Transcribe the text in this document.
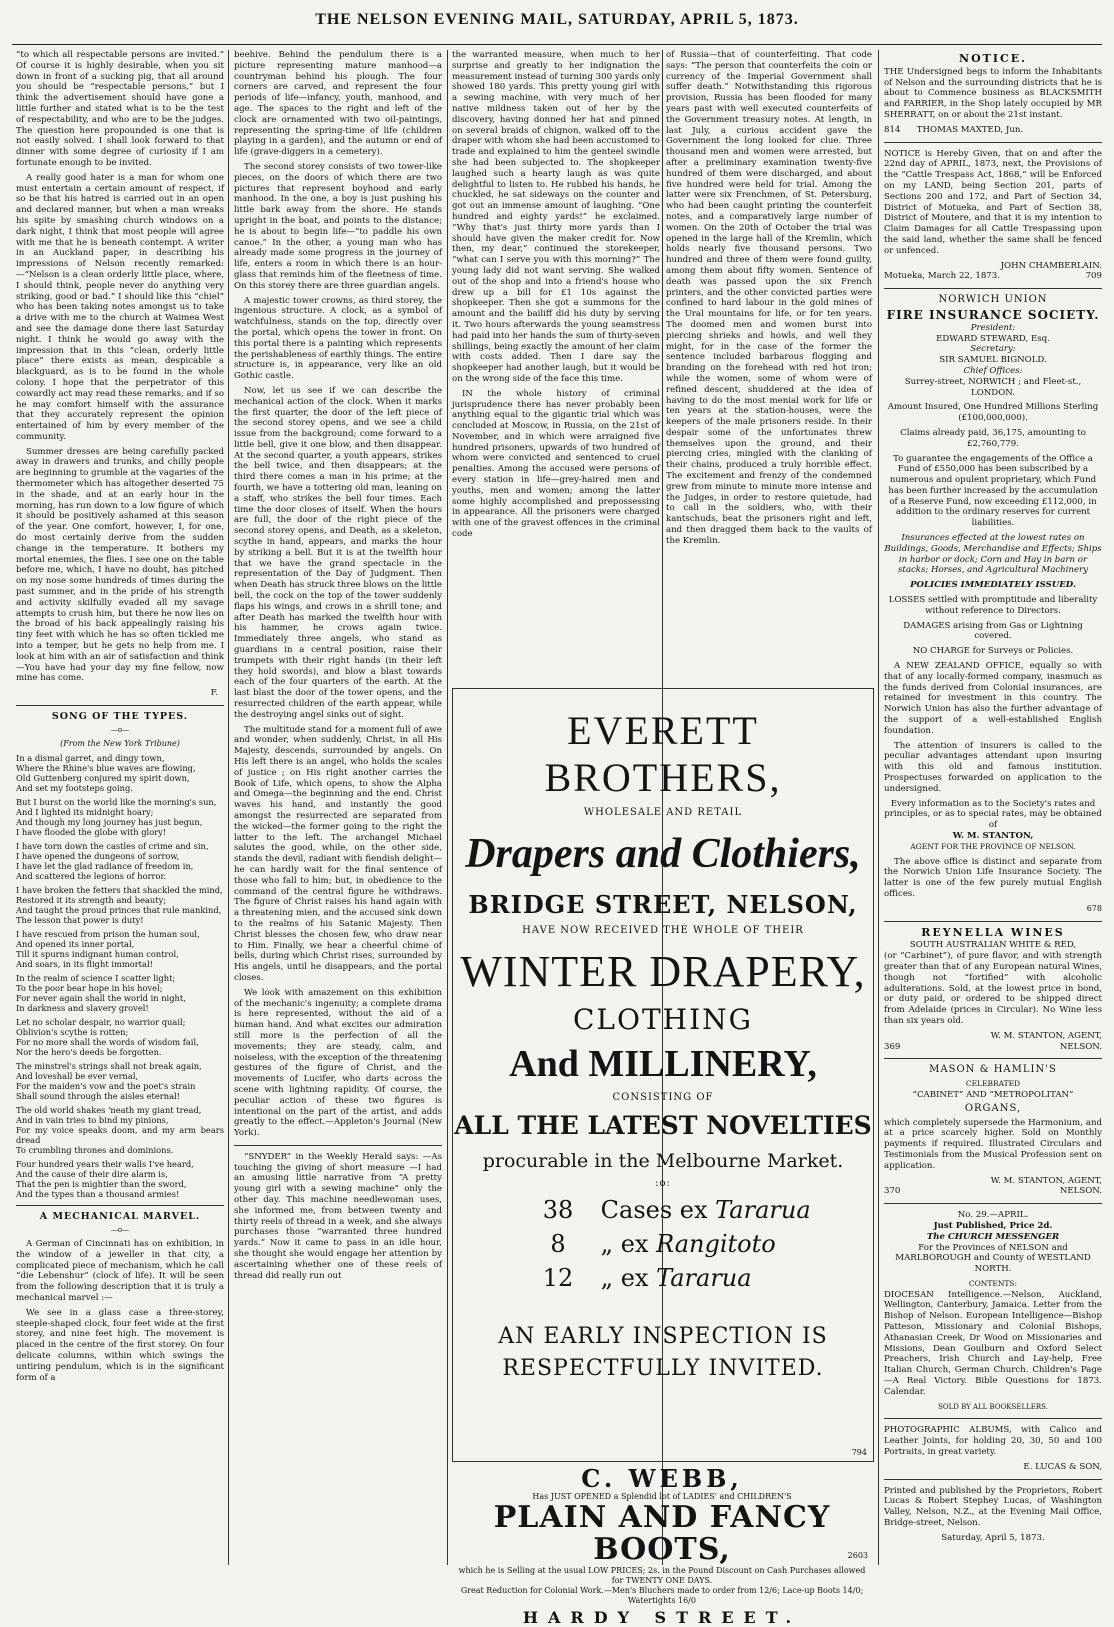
THE NELSON EVENING MAIL, SATURDAY, APRIL 5, 1873.

“to which all respectable persons are invited.” Of course it is highly desirable, when you sit down in front of a sucking pig, that all around you should be “respectable persons,” but I think the advertisement should have gone a little further and stated what is to be the test of respectability, and who are to be the judges. The question here propounded is one that is not easily solved. I shall look forward to that dinner with some degree of curiosity if I am fortunate enough to be invited.

A really good hater is a man for whom one must entertain a certain amount of respect, if so be that his hatred is carried out in an open and declared manner, but when a man wreaks his spite by smashing church windows on a dark night, I think that most people will agree with me that he is beneath contempt. A writer in an Auckland paper, in describing his impressions of Nelson recently remarked:—“Nelson is a clean orderly little place, where, I should think, people never do anything very striking, good or bad.” I should like this “chiel” who has been taking notes amongst us to take a drive with me to the church at Waimea West and see the damage done there last Saturday night. I think he would go away with the impression that in this “clean, orderly little place” there exists as mean, despicable a blackguard, as is to be found in the whole colony. I hope that the perpetrator of this cowardly act may read these remarks, and if so he may comfort himself with the assurance that they accurately represent the opinion entertained of him by every member of the community.

Summer dresses are being carefully packed away in drawers and trunks, and chilly people are beginning to grumble at the vagaries of the thermometer which has altogether deserted 75 in the shade, and at an early hour in the morning, has run down to a low figure of which it should be positively ashamed at this season of the year. One comfort, however, I, for one, do most certainly derive from the sudden change in the temperature. It bothers my mortal enemies, the flies. I see one on the table before me, which, I have no doubt, has pitched on my nose some hundreds of times during the past summer, and in the pride of his strength and activity skilfully evaded all my savage attempts to crush him, but there he now lies on the broad of his back appealingly raising his tiny feet with which he has so often tickled me into a temper, but he gets no help from me. I look at him with an air of satisfaction and think—You have had your day my fine fellow, now mine has come.

F.
SONG OF THE TYPES.
—o—
(From the New York Tribune)
In a dismal garret, and dingy town,
Where the Rhine's blue waves are flowing,
Old Guttenberg conjured my spirit down,
And set my footsteps going.
But I burst on the world like the morning's sun,
And I lighted its midnight hoary;
And though my long journey has just begun,
I have flooded the globe with glory!
I have torn down the castles of crime and sin,
I have opened the dungeons of sorrow,
I have let the glad radiance of freedom in,
And scattered the legions of horror.
I have broken the fetters that shackled the mind,
Restored it its strength and beauty;
And taught the proud princes that rule mankind,
The lesson that power is duty!
I have rescued from prison the human soul,
And opened its inner portal,
Till it spurns indignant human control,
And soars, in its flight immortal!
In the realm of science I scatter light;
To the poor bear hope in his hovel;
For never again shall the world in night,
In darkness and slavery grovel!
Let no scholar despair, no warrior quail;
Oblivion's scythe is rotten;
For no more shall the words of wisdom fail,
Nor the hero's deeds be forgotten.
The minstrel's strings shall not break again,
And loveshall be ever vernal,
For the maiden's vow and the poet's strain
Shall sound through the aisles eternal!
The old world shakes 'neath my giant tread,
And in vain tries to bind my pinions,
For my voice speaks doom, and my arm bears dread
To crumbling thrones and dominions.
Four hundred years their walls I've heard,
And the cause of their dire alarm is,
That the pen is mightier than the sword,
And the types than a thousand armies!
A MECHANICAL MARVEL.
—o—

A German of Cincinnati has on exhibition, in the window of a jeweller in that city, a complicated piece of mechanism, which he call “die Lebenshur” (clock of life). It will be seen from the following description that it is truly a mechanical marvel :—

We see in a glass case a three-storey, steeple-shaped clock, four feet wide at the first storey, and nine feet high. The movement is placed in the centre of the first storey. On four delicate columns, within which swings the untiring pendulum, which is in the significant form of a

beehive. Behind the pendulum there is a picture representing mature manhood—a countryman behind his plough. The four corners are carved, and represent the four periods of life—infancy, youth, manhood, and age. The spaces to the right and left of the clock are ornamented with two oil-paintings, representing the spring-time of life (children playing in a garden), and the autumn or end of life (grave-diggers in a cemetery).

The second storey consists of two tower-like pieces, on the doors of which there are two pictures that represent boyhood and early manhood. In the one, a boy is just pushing his little bark away from the shore. He stands upright in the boat, and points to the distance; he is about to begin life—“to paddle his own canoe.” In the other, a young man who has already made some progress in the journey of life, enters a room in which there is an hour-glass that reminds him of the fleetness of time. On this storey there are three guardian angels.

A majestic tower crowns, as third storey, the ingenious structure. A clock, as a symbol of watchfulness, stands on the top, directly over the portal, which opens the tower in front. On this portal there is a painting which represents the perishableness of earthly things. The entire structure is, in appearance, very like an old Gothic castle.

Now, let us see if we can describe the mechanical action of the clock. When it marks the first quarter, the door of the left piece of the second storey opens, and we see a child issue from the background; come forward to a little bell, give it one blow, and then disappear. At the second quarter, a youth appears, strikes the bell twice, and then disappears; at the third there comes a man in his prime; at the fourth, we have a tottering old man, leaning on a staff, who strikes the bell four times. Each time the door closes of itself. When the hours are full, the door of the right piece of the second storey opens, and Death, as a skeleton, scythe in hand, appears, and marks the hour by striking a bell. But it is at the twelfth hour that we have the grand spectacle in the representation of the Day of Judgment. Then when Death has struck three blows on the little bell, the cock on the top of the tower suddenly flaps his wings, and crows in a shrill tone; and after Death has marked the twelfth hour with his hammer, he crows again twice. Immediately three angels, who stand as guardians in a central position, raise their trumpets with their right hands (in their left they hold swords), and blow a blast towards each of the four quarters of the earth. At the last blast the door of the tower opens, and the resurrected children of the earth appear, while the destroying angel sinks out of sight.

The multitude stand for a moment full of awe and wonder, when suddenly, Christ, in all His Majesty, descends, surrounded by angels. On His left there is an angel, who holds the scales of justice ; on His right another carries the Book of Life, which opens, to show the Alpha and Omega—the beginning and the end. Christ waves his hand, and instantly the good amongst the resurrected are separated from the wicked—the former going to the right the latter to the left. The archangel Michael salutes the good, while, on the other side, stands the devil, radiant with fiendish delight—he can hardly wait for the final sentence of those who fall to him; but, in obedience to the command of the central figure he withdraws. The figure of Christ raises his hand again with a threatening mien, and the accused sink down to the realms of his Satanic Majesty. Then Christ blesses the chosen few, who draw near to Him. Finally, we hear a cheerful chime of bells, during which Christ rises, surrounded by His angels, until he disappears, and the portal closes.

We look with amazement on this exhibition of the mechanic's ingenuity; a complete drama is here represented, without the aid of a human hand. And what excites our admiration still more is the perfection of all the movements; they are steady, calm, and noiseless, with the exception of the threatening gestures of the figure of Christ, and the movements of Lucifer, who darts across the scene with lightning rapidity. Of course, the peculiar action of these two figures is intentional on the part of the artist, and adds greatly to the effect.—Appleton's Journal (New York).

“SNYDER” in the Weekly Herald says: —As touching the giving of short measure —I had an amusing little narrative from “A pretty young girl with a sewing machine” only the other day. This machine needlewoman uses, she informed me, from between twenty and thirty reels of thread in a week, and she always purchases those “warranted three hundred yards.” Now it came to pass in an idle hour, she thought she would engage her attention by ascertaining whether one of these reels of thread did really run out

the warranted measure, when much to her surprise and greatly to her indignation the measurement instead of turning 300 yards only showed 180 yards. This pretty young girl with a sewing machine, with very much of her native mildness taken out of her by the discovery, having donned her hat and pinned on several braids of chignon, walked off to the draper with whom she had been accustomed to trade and explained to him the genteel swindle she had been subjected to. The shopkeeper laughed such a hearty laugh as was quite delightful to listen to. He rubbed his hands, he chuckled, he sat sideways on the counter and got out an immense amount of laughing. “One hundred and eighty yards!” he exclaimed. “Why that's just thirty more yards than I should have given the maker credit for. Now then, my dear,” continued the storekeeper, “what can I serve you with this morning?” The young lady did not want serving. She walked out of the shop and into a friend's house who drew up a bill for £1 10s against the shopkeeper. Then she got a summons for the amount and the bailiff did his duty by serving it. Two hours afterwards the young seamstress had paid into her hands the sum of thirty-seven shillings, being exactly the amount of her claim with costs added. Then I dare say the shopkeeper had another laugh, but it would be on the wrong side of the face this time.

IN the whole history of criminal jurisprudence there has never probably been anything equal to the gigantic trial which was concluded at Moscow, in Russia, on the 21st of November, and in which were arraigned five hundred prisoners, upwards of two hundred of whom were convicted and sentenced to cruel penalties. Among the accused were persons of every station in life—grey-haired men and youths, men and women; among the latter some highly accomplished and prepossessing in appearance. All the prisoners were charged with one of the gravest offences in the criminal code

of Russia—that of counterfeiting. That code says: “The person that counterfeits the coin or currency of the Imperial Government shall suffer death.” Notwithstanding this rigorous provision, Russia has been flooded for many years past with well executed counterfeits of the Government treasury notes. At length, in last July, a curious accident gave the Government the long looked for clue. Three thousand men and women were arrested, but after a preliminary examination twenty-five hundred of them were discharged, and about five hundred were held for trial. Among the latter were six Frenchmen, of St. Petersburg, who had been caught printing the counterfeit notes, and a comparatively large number of women. On the 20th of October the trial was opened in the large hall of the Kremlin, which holds nearly five thousand persons. Two hundred and three of them were found guilty, among them about fifty women. Sentence of death was passed upon the six French printers, and the other convicted parties were confined to hard labour in the gold mines of the Ural mountains for life, or for ten years. The doomed men and women burst into piercing shrieks and howls, and well they might, for in the case of the former the sentence included barbarous flogging and branding on the forehead with red hot iron; while the women, some of whom were of refined descent, shuddered at the idea of having to do the most menial work for life or ten years at the station-houses, were the keepers of the male prisoners reside. In their despair some of the unfortunates threw themselves upon the ground, and their piercing cries, mingled with the clanking of their chains, produced a truly horrible effect. The excitement and frenzy of the condemned grew from minute to minute more intense and the Judges, in order to restore quietude, had to call in the soldiers, who, with their kantschuds, beat the prisoners right and left, and then dragged them back to the vaults of the Kremlin.

EVERETT BROTHERS,
WHOLESALE AND RETAIL
Drapers and Clothiers,
BRIDGE STREET, NELSON,
HAVE NOW RECEIVED THE WHOLE OF THEIR
WINTER DRAPERY,
CLOTHING
And MILLINERY,
CONSISTING OF
ALL THE LATEST NOVELTIES
procurable in the Melbourne Market.
:o:
38 Cases ex Tararua
8 „ ex Rangitoto
12 „ ex Tararua
AN EARLY INSPECTION IS RESPECTFULLY INVITED.
794
C. WEBB,
Has JUST OPENED a Splendid lot of LADIES' and CHILDREN'S
PLAIN AND FANCY BOOTS,
which he is Selling at the usual LOW PRICES; 2s. in the Pound Discount on Cash Purchases allowed for TWENTY ONE DAYS.
Great Reduction for Colonial Work.—Men's Bluchers made to order from 12/6; Lace-up Boots 14/0; Watertights 16/0
HARDY STREET.
2603
NOTICE.

THE Undersigned begs to inform the Inhabitants of Nelson and the surrounding districts that he is about to Commence business as BLACKSMITH and FARRIER, in the Shop lately occupied by MR SHERRATT, on or about the 21st instant.

814 THOMAS MAXTED, Jun.

NOTICE is Hereby Given, that on and after the 22nd day of APRIL, 1873, next, the Provisions of the “Cattle Trespass Act, 1868,” will be Enforced on my LAND, being Section 201, parts of Sections 200 and 172, and Part of Section 34, District of Motueka, and Part of Section 38, District of Moutere, and that it is my intention to Claim Damages for all Cattle Trespassing upon the said land, whether the same shall be fenced or unfenced.

JOHN CHAMBERLAIN.
Motueka, March 22, 1873.	709
NORWICH UNION
FIRE INSURANCE SOCIETY.
President:
EDWARD STEWARD, Esq.
Secretary:
SIR SAMUEL BIGNOLD.
Chief Offices:
Surrey-street, NORWICH ; and Fleet-st., LONDON.
Amount Insured, One Hundred Millions Sterling (£100,000,000).
Claims already paid, 36,175, amounting to £2,760,779.

To guarantee the engagements of the Office a Fund of £550,000 has been subscribed by a numerous and opulent proprietary, which Fund has been further increased by the accumulation of a Reserve Fund, now exceeding £112,000, in addition to the ordinary reserves for current liabilities.

Insurances effected at the lowest rates on Buildings, Goods, Merchandise and Effects; Ships in harbor or dock; Corn and Hay in barn or stacks; Horses, and Agricultural Machinery

POLICIES IMMEDIATELY ISSUED.
LOSSES settled with promptitude and liberality without reference to Directors.
DAMAGES arising from Gas or Lightning covered.
NO CHARGE for Surveys or Policies.

A NEW ZEALAND OFFICE, equally so with that of any locally-formed company, inasmuch as the funds derived from Colonial insurances, are retained for investment in this country. The Norwich Union has also the further advantage of the support of a well-established English foundation.

The attention of insurers is called to the peculiar advantages attendant upon insuring with this old and famous institution. Prospectuses forwarded on application to the undersigned.

Every information as to the Society's rates and principles, or as to special rates, may be obtained of
W. M. STANTON,
AGENT FOR THE PROVINCE OF NELSON.

The above office is distinct and separate from the Norwich Union Life Insurance Society. The latter is one of the few purely mutual English offices.

678
REYNELLA WINES
SOUTH AUSTRALIAN WHITE & RED,

(or “Carbinet”), of pure flavor, and with strength greater than that of any European natural Wines, though not “fortified” with alcoholic adulterations. Sold, at the lowest price in bond, or duty paid, or ordered to be shipped direct from Adelaide (prices in Circular). No Wine less than six years old.

W. M. STANTON, AGENT,
369	NELSON.
MASON & HAMLIN'S
CELEBRATED
“CABINET” AND “METROPOLITAN”
ORGANS,

which completely supersede the Harmonium, and at a price scarcely higher. Sold on Monthly payments if required. Illustrated Circulars and Testimonials from the Musical Profession sent on application.

W. M. STANTON, AGENT,
370	NELSON.
No. 29.—APRIL.
Just Published, Price 2d.
The CHURCH MESSENGER
For the Provinces of NELSON and MARLBOROUGH and County of WESTLAND NORTH.
CONTENTS:

DIOCESAN Intelligence.—Nelson, Auckland, Wellington, Canterbury, Jamaica. Letter from the Bishop of Nelson. European Intelligence—Bishop Patteson, Missionary and Colonial Bishops, Athanasian Creek, Dr Wood on Missionaries and Missions, Dean Goulburn and Oxford Select Preachers, Irish Church and Lay-help, Free Italian Church, German Church. Children's Page—A Real Victory. Bible Questions for 1873. Calendar.

SOLD BY ALL BOOKSELLERS.

PHOTOGRAPHIC ALBUMS, with Calico and Leather Joints, for holding 20, 30, 50 and 100 Portraits, in great variety.

E. LUCAS & SON,

Printed and published by the Proprietors, Robert Lucas & Robert Stephey Lucas, of Washington Valley, Nelson, N.Z., at the Evening Mail Office, Bridge-street, Nelson.

Saturday, April 5, 1873.
